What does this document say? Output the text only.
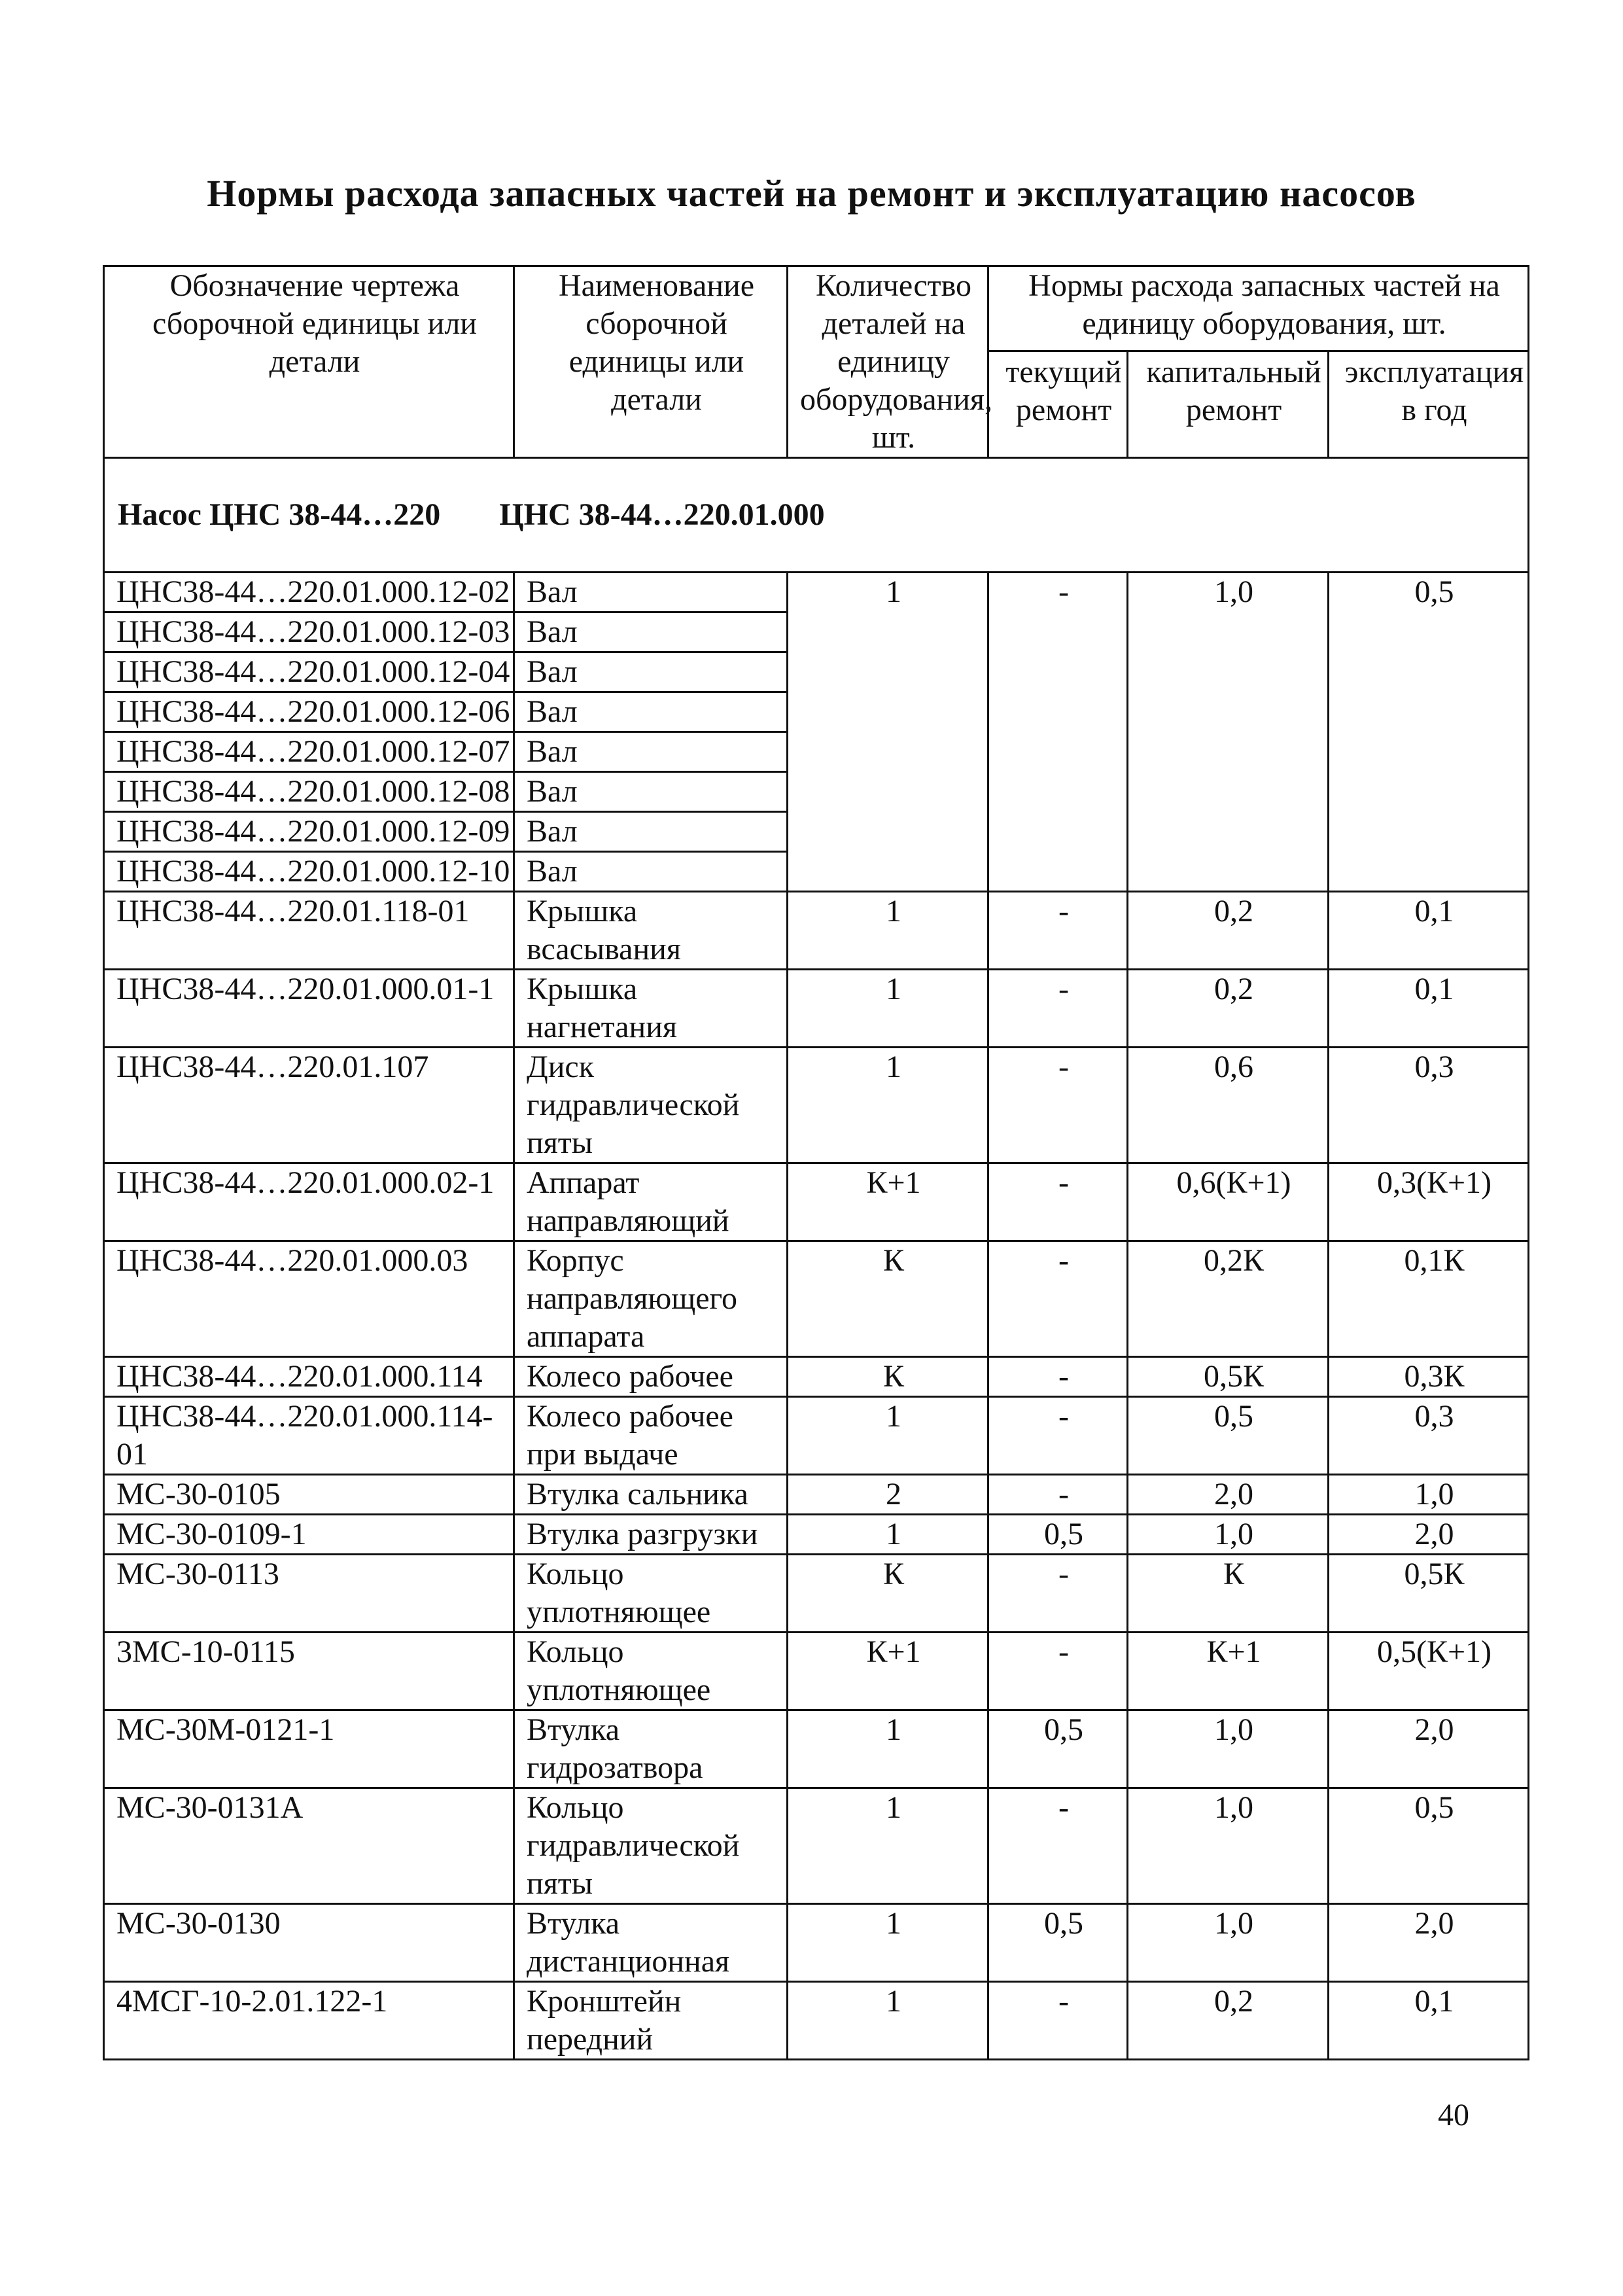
Нормы расхода запасных частей на ремонт и эксплуатацию насосов
Обозначение чертежа сборочной единицы или детали	Наименование сборочной единицы или детали	Количество деталей на единицу оборудования, шт.	Нормы расхода запасных частей на единицу оборудования, шт.		
			текущий ремонт	капитальный ремонт	эксплуатация в год
Насос ЦНС 38-44…220 ЦНС 38-44…220.01.000					
ЦНС38-44…220.01.000.12-02	Вал	1	-	1,0	0,5
ЦНС38-44…220.01.000.12-03	Вал				
ЦНС38-44…220.01.000.12-04	Вал				
ЦНС38-44…220.01.000.12-06	Вал				
ЦНС38-44…220.01.000.12-07	Вал				
ЦНС38-44…220.01.000.12-08	Вал				
ЦНС38-44…220.01.000.12-09	Вал				
ЦНС38-44…220.01.000.12-10	Вал				
ЦНС38-44…220.01.118-01	Крышка всасывания	1	-	0,2	0,1
ЦНС38-44…220.01.000.01-1	Крышка нагнетания	1	-	0,2	0,1
ЦНС38-44…220.01.107	Диск гидравлической пяты	1	-	0,6	0,3
ЦНС38-44…220.01.000.02-1	Аппарат направляющий	К+1	-	0,6(К+1)	0,3(К+1)
ЦНС38-44…220.01.000.03	Корпус направляющего аппарата	К	-	0,2К	0,1К
ЦНС38-44…220.01.000.114	Колесо рабочее	К	-	0,5К	0,3К
ЦНС38-44…220.01.000.114-01	Колесо рабочее при выдаче	1	-	0,5	0,3
МС-30-0105	Втулка сальника	2	-	2,0	1,0
МС-30-0109-1	Втулка разгрузки	1	0,5	1,0	2,0
МС-30-0113	Кольцо уплотняющее	К	-	К	0,5К
3МС-10-0115	Кольцо уплотняющее	К+1	-	К+1	0,5(К+1)
МС-30М-0121-1	Втулка гидрозатвора	1	0,5	1,0	2,0
МС-30-0131А	Кольцо гидравлической пяты	1	-	1,0	0,5
МС-30-0130	Втулка дистанционная	1	0,5	1,0	2,0
4МСГ-10-2.01.122-1	Кронштейн передний	1	-	0,2	0,1
40
